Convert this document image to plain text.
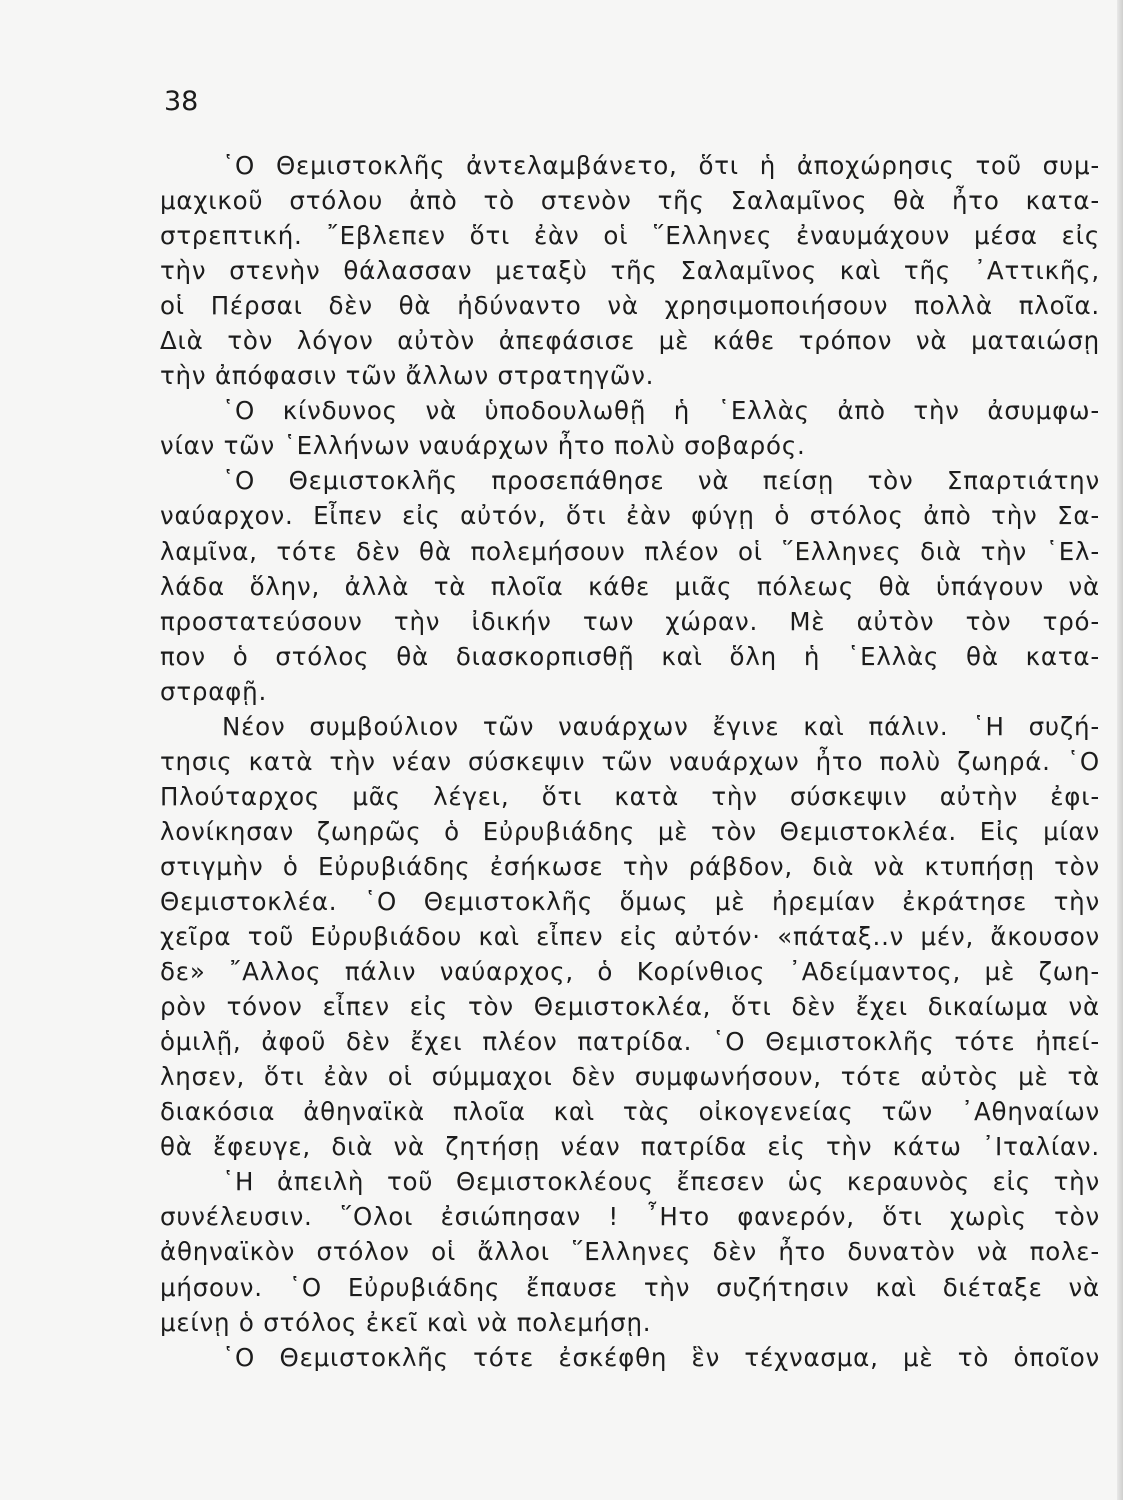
38

῾Ο Θεμιστοκλῆς ἀντελαμβάνετο, ὅτι ἡ ἀποχώρησις τοῦ συμ-
μαχικοῦ στόλου ἀπὸ τὸ στενὸν τῆς Σαλαμῖνος θὰ ἦτο κατα-
στρεπτική. ῎Εβλεπεν ὅτι ἐὰν οἱ ῞Ελληνες ἐναυμάχουν μέσα εἰς
τὴν στενὴν θάλασσαν μεταξὺ τῆς Σαλαμῖνος καὶ τῆς ᾿Αττικῆς,
οἱ Πέρσαι δὲν θὰ ἠδύναντο νὰ χρησιμοποιήσουν πολλὰ πλοῖα.
Διὰ τὸν λόγον αὐτὸν ἀπεφάσισε μὲ κάθε τρόπον νὰ ματαιώσῃ
τὴν ἀπόφασιν τῶν ἄλλων στρατηγῶν.
῾Ο κίνδυνος νὰ ὑποδουλωθῇ ἡ ῾Ελλὰς ἀπὸ τὴν ἀσυμφω-
νίαν τῶν ῾Ελλήνων ναυάρχων ἦτο πολὺ σοβαρός.
῾Ο Θεμιστοκλῆς προσεπάθησε νὰ πείσῃ τὸν Σπαρτιάτην
ναύαρχον. Εἶπεν εἰς αὐτόν, ὅτι ἐὰν φύγῃ ὁ στόλος ἀπὸ τὴν Σα-
λαμῖνα, τότε δὲν θὰ πολεμήσουν πλέον οἱ ῞Ελληνες διὰ τὴν ῾Ελ-
λάδα ὅλην, ἀλλὰ τὰ πλοῖα κάθε μιᾶς πόλεως θὰ ὑπάγουν νὰ
προστατεύσουν τὴν ἰδικήν των χώραν. Μὲ αὐτὸν τὸν τρό-
πον ὁ στόλος θὰ διασκορπισθῇ καὶ ὅλη ἡ ῾Ελλὰς θὰ κατα-
στραφῇ.
Νέον συμβούλιον τῶν ναυάρχων ἔγινε καὶ πάλιν. ῾Η συζή-
τησις κατὰ τὴν νέαν σύσκεψιν τῶν ναυάρχων ἦτο πολὺ ζωηρά. ῾Ο
Πλούταρχος μᾶς λέγει, ὅτι κατὰ τὴν σύσκεψιν αὐτὴν ἐφι-
λονίκησαν ζωηρῶς ὁ Εὐρυβιάδης μὲ τὸν Θεμιστοκλέα. Εἰς μίαν
στιγμὴν ὁ Εὐρυβιάδης ἐσήκωσε τὴν ράβδον, διὰ νὰ κτυπήσῃ τὸν
Θεμιστοκλέα. ῾Ο Θεμιστοκλῆς ὅμως μὲ ἠρεμίαν ἐκράτησε τὴν
χεῖρα τοῦ Εὐρυβιάδου καὶ εἶπεν εἰς αὐτόν· «πάταξ..ν μέν, ἄκουσον
δε» ῎Αλλος πάλιν ναύαρχος, ὁ Κορίνθιος ᾿Αδείμαντος, μὲ ζωη-
ρὸν τόνον εἶπεν εἰς τὸν Θεμιστοκλέα, ὅτι δὲν ἔχει δικαίωμα νὰ
ὁμιλῇ, ἀφοῦ δὲν ἔχει πλέον πατρίδα. ῾Ο Θεμιστοκλῆς τότε ἠπεί-
λησεν, ὅτι ἐὰν οἱ σύμμαχοι δὲν συμφωνήσουν, τότε αὐτὸς μὲ τὰ
διακόσια ἀθηναϊκὰ πλοῖα καὶ τὰς οἰκογενείας τῶν ᾿Αθηναίων
θὰ ἔφευγε, διὰ νὰ ζητήσῃ νέαν πατρίδα εἰς τὴν κάτω ᾿Ιταλίαν.
῾Η ἀπειλὴ τοῦ Θεμιστοκλέους ἔπεσεν ὡς κεραυνὸς εἰς τὴν
συνέλευσιν. ῞Ολοι ἐσιώπησαν ! ῏Ητο φανερόν, ὅτι χωρὶς τὸν
ἀθηναϊκὸν στόλον οἱ ἄλλοι ῞Ελληνες δὲν ἦτο δυνατὸν νὰ πολε-
μήσουν. ῾Ο Εὐρυβιάδης ἔπαυσε τὴν συζήτησιν καὶ διέταξε νὰ
μείνῃ ὁ στόλος ἐκεῖ καὶ νὰ πολεμήσῃ.
῾Ο Θεμιστοκλῆς τότε ἐσκέφθη ἓν τέχνασμα, μὲ τὸ ὁποῖον
